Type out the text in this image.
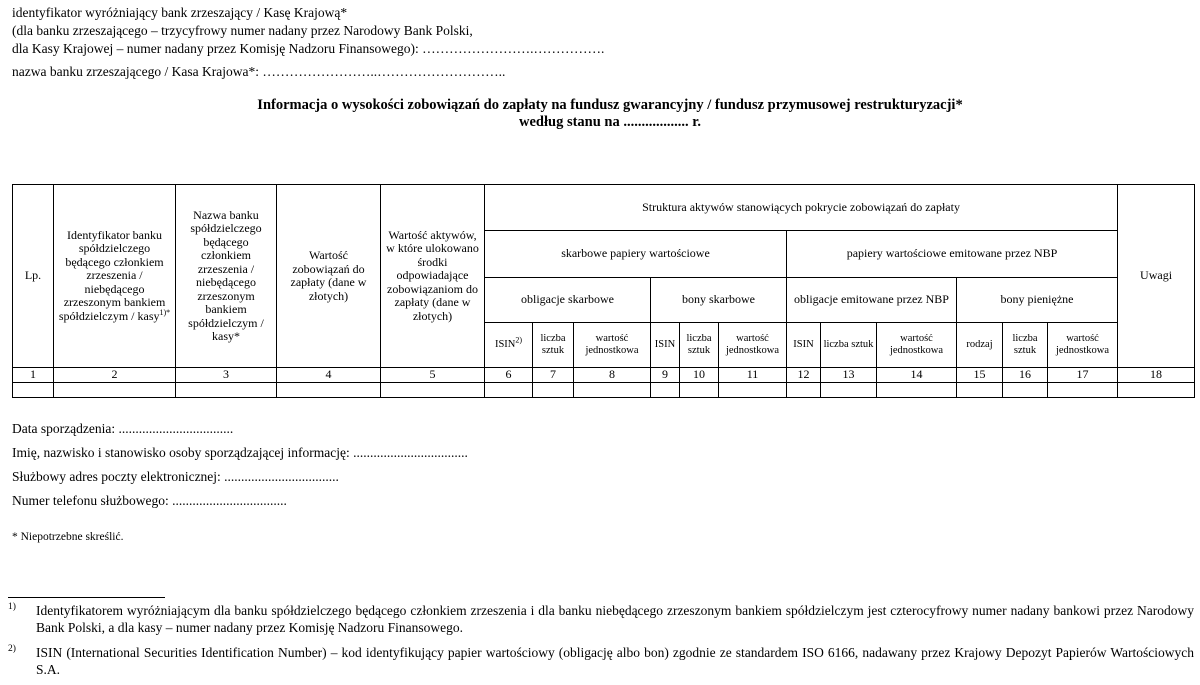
identyfikator wyróżniający bank zrzeszający / Kasę Krajową*
(dla banku zrzeszającego – trzycyfrowy numer nadany przez Narodowy Bank Polski,
dla Kasy Krajowej – numer nadany przez Komisję Nadzoru Finansowego): …………………….…………….
nazwa banku zrzeszającego / Kasa Krajowa*: ……………………..………………………..
Informacja o wysokości zobowiązań do zapłaty na fundusz gwarancyjny / fundusz przymusowej restrukturyzacji*
według stanu na .................. r.
Lp.	Identyfikator banku spółdzielczego będącego członkiem zrzeszenia / niebędącego zrzeszonym bankiem spółdzielczym / kasy$^{1)*}$	Nazwa banku spółdzielczego będącego członkiem zrzeszenia / niebędącego zrzeszonym bankiem spółdzielczym / kasy*	Wartość zobowiązań do zapłaty (dane w złotych)	Wartość aktywów, w które ulokowano środki odpowiadające zobowiązaniom do zapłaty (dane w złotych)	Struktura aktywów stanowiących pokrycie zobowiązań do zapłaty												Uwagi
					skarbowe papiery wartościowe						papiery wartościowe emitowane przez NBP						
					obligacje skarbowe			bony skarbowe			obligacje emitowane przez NBP			bony pieniężne			
					ISIN$^{2)}$	liczba sztuk	wartość jednostkowa	ISIN	liczba sztuk	wartość jednostkowa	ISIN	liczba sztuk	wartość jednostkowa	rodzaj	liczba sztuk	wartość jednostkowa	
1	2	3	4	5	6	7	8	9	10	11	12	13	14	15	16	17	18

Data sporządzenia: ..................................
Imię, nazwisko i stanowisko osoby sporządzającej informację: ..................................
Służbowy adres poczty elektronicznej: ..................................
Numer telefonu służbowego: ..................................
* Niepotrzebne skreślić.
1) Identyfikatorem wyróżniającym dla banku spółdzielczego będącego członkiem zrzeszenia i dla banku niebędącego zrzeszonym bankiem spółdzielczym jest czterocyfrowy numer nadany bankowi przez Narodowy Bank Polski, a dla kasy – numer nadany przez Komisję Nadzoru Finansowego.
2) ISIN (International Securities Identification Number) – kod identyfikujący papier wartościowy (obligację albo bon) zgodnie ze standardem ISO 6166, nadawany przez Krajowy Depozyt Papierów Wartościowych S.A.
